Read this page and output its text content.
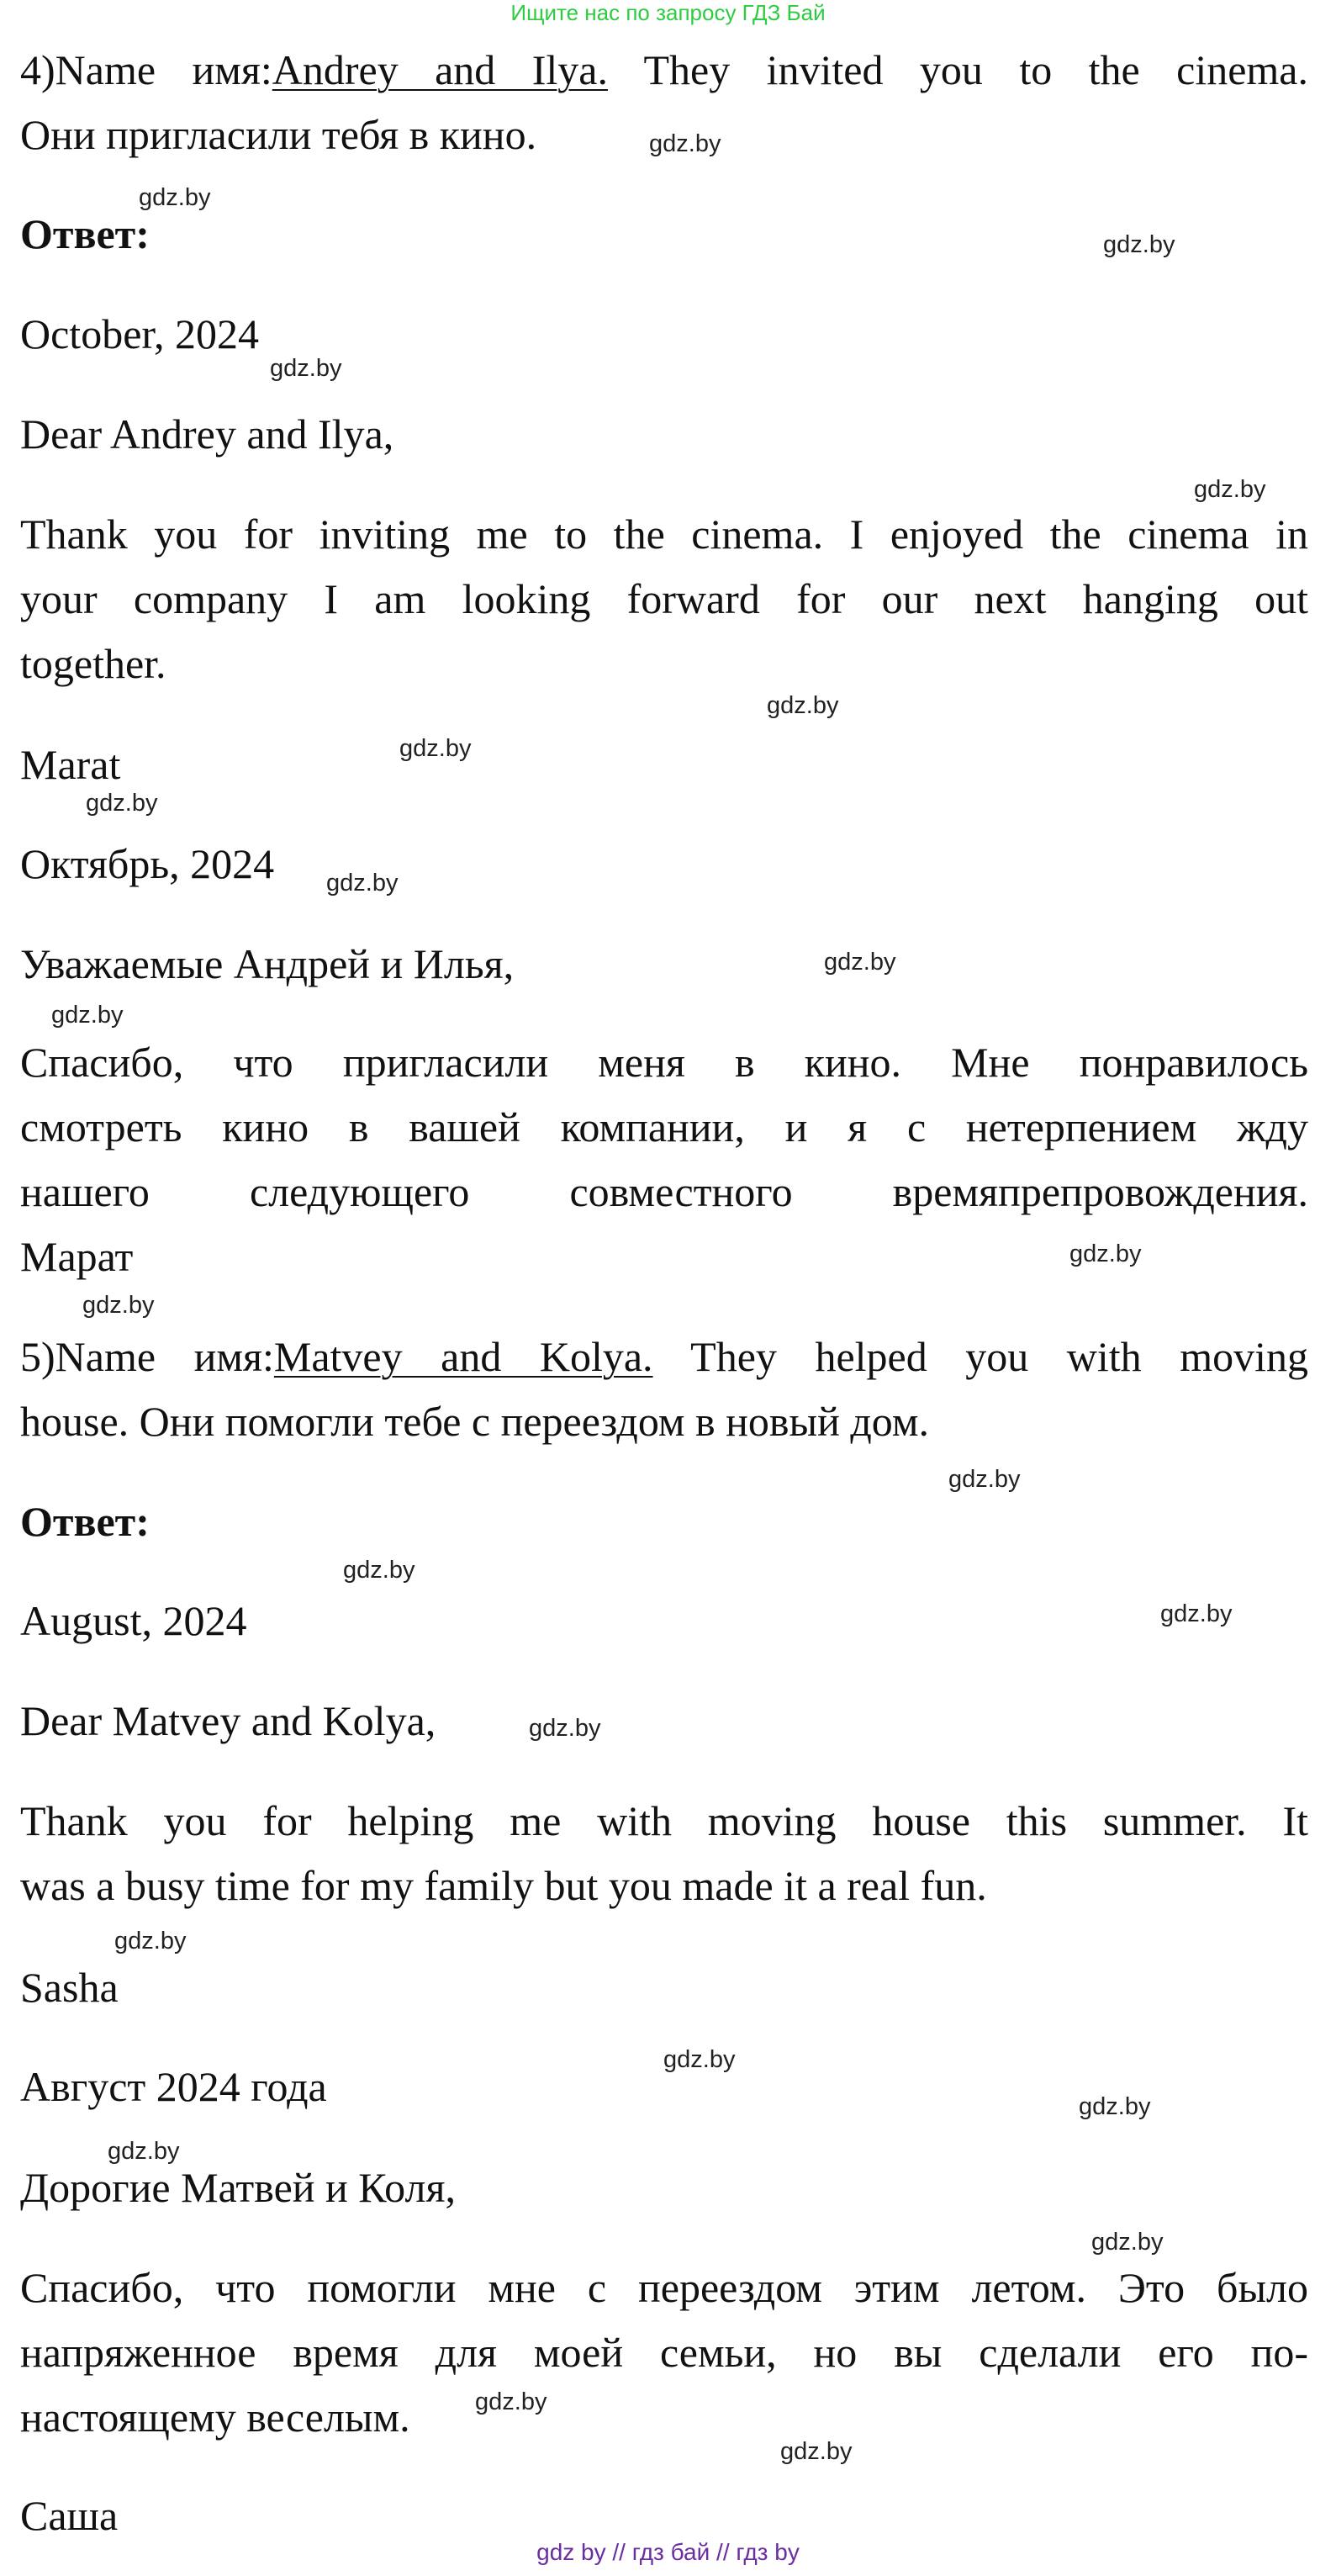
Ищите нас по запросу ГДЗ Бай
4)Name имя:Andrey and Ilya. They invited you to the cinema.
Они пригласили тебя в кино.
Ответ:
October, 2024
Dear Andrey and Ilya,
Thank you for inviting me to the cinema. I enjoyed the cinema in
your company I am looking forward for our next hanging out
together.
Marat
Октябрь, 2024
Уважаемые Андрей и Илья,
Спасибо, что пригласили меня в кино. Мне понравилось
смотреть кино в вашей компании, и я с нетерпением жду
нашего следующего совместного времяпрепровождения.
Марат
5)Name имя:Matvey and Kolya. They helped you with moving
house. Они помогли тебе с переездом в новый дом.
Ответ:
August, 2024
Dear Matvey and Kolya,
Thank you for helping me with moving house this summer. It
was a busy time for my family but you made it a real fun.
Sasha
Август 2024 года
Дорогие Матвей и Коля,
Спасибо, что помогли мне с переездом этим летом. Это было
напряженное время для моей семьи, но вы сделали его по-
настоящему веселым.
Саша
gdz.by
gdz.by
gdz.by
gdz.by
gdz.by
gdz.by
gdz.by
gdz.by
gdz.by
gdz.by
gdz.by
gdz.by
gdz.by
gdz.by
gdz.by
gdz.by
gdz.by
gdz.by
gdz.by
gdz.by
gdz.by
gdz.by
gdz.by
gdz.by
gdz by // гдз бай // гдз by
